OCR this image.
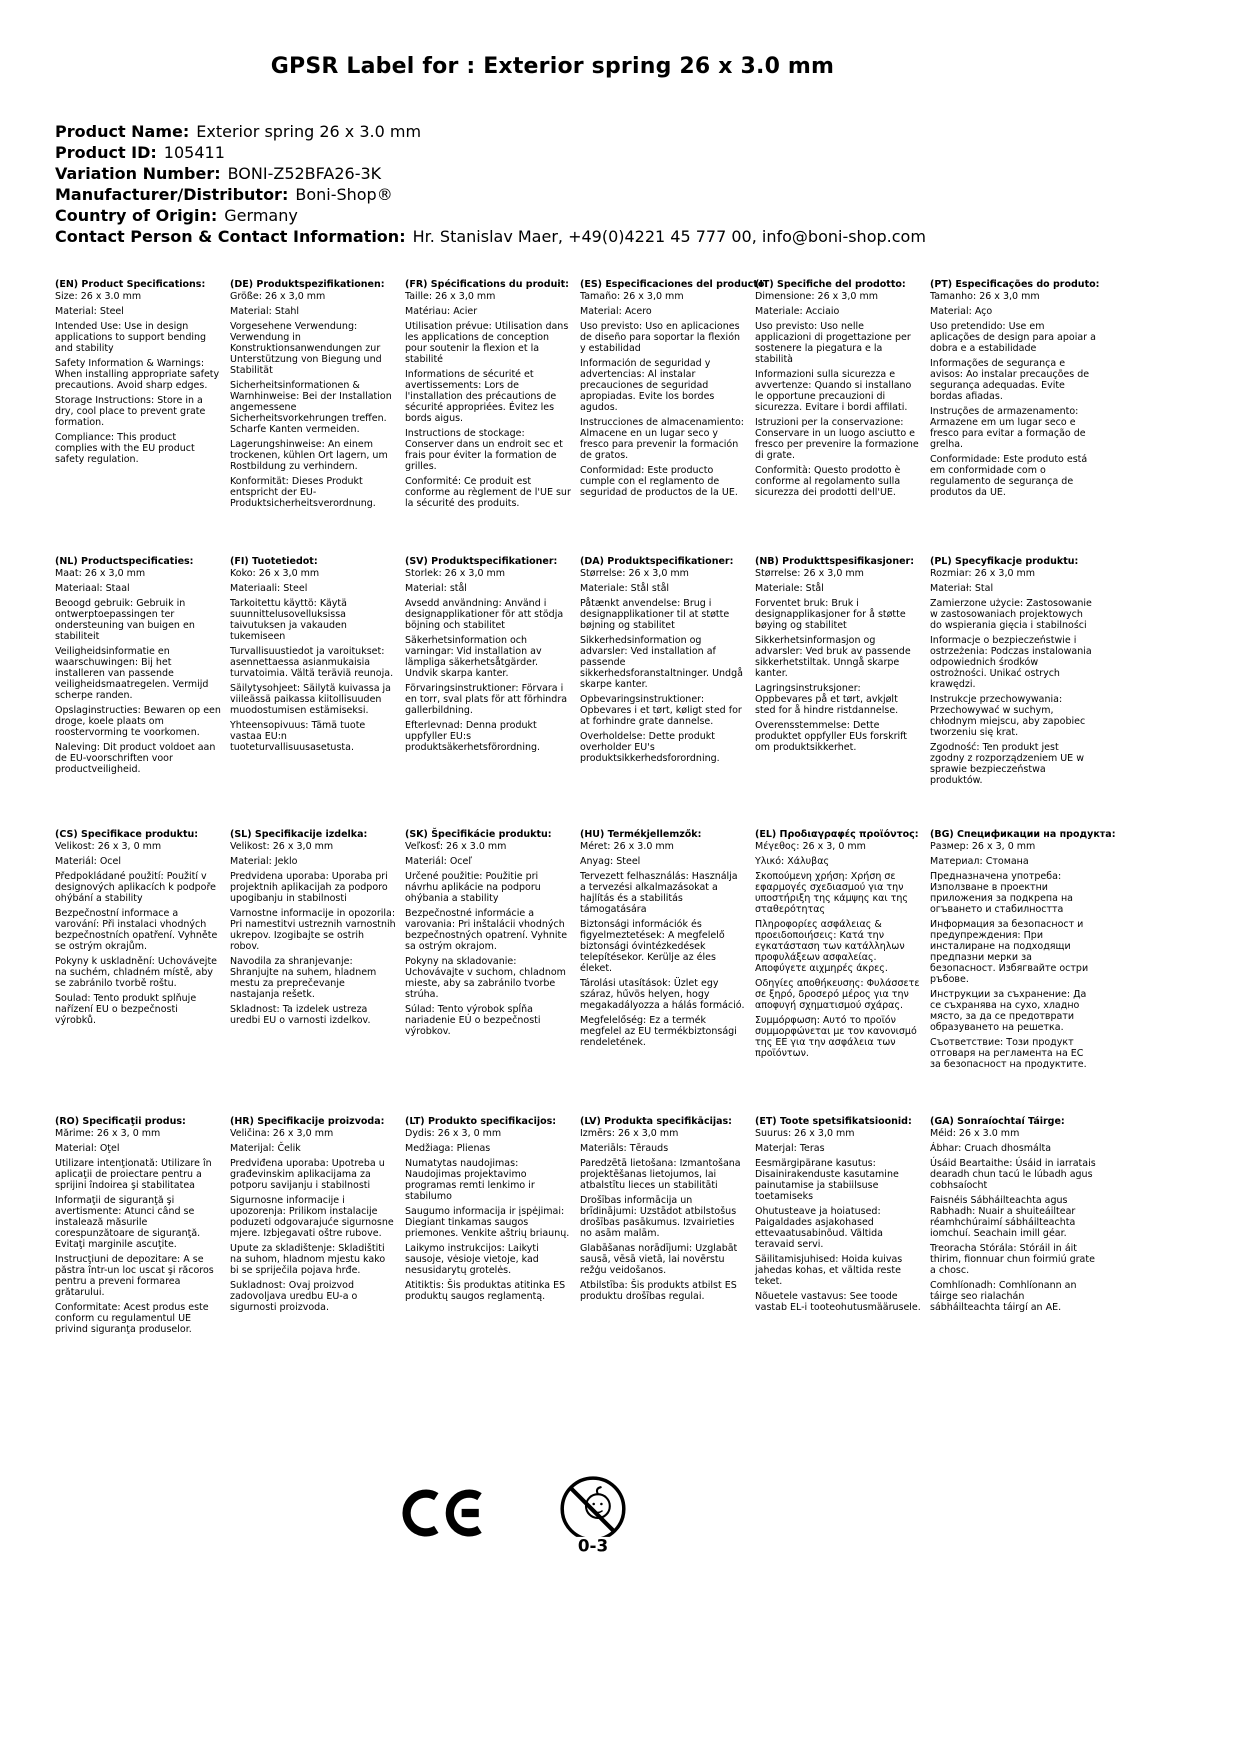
GPSR Label for : Exterior spring 26 x 3.0 mm
Product Name: Exterior spring 26 x 3.0 mm
Product ID: 105411
Variation Number: BONI-Z52BFA26-3K
Manufacturer/Distributor: Boni-Shop®
Country of Origin: Germany
Contact Person & Contact Information: Hr. Stanislav Maer, +49(0)4221 45 777 00, info@boni-shop.com
(EN) Product Specifications:

Size: 26 x 3.0 mm

Material: Steel

Intended Use: Use in design applications to support bending and stability

Safety Information & Warnings: When installing appropriate safety precautions. Avoid sharp edges.

Storage Instructions: Store in a dry, cool place to prevent grate formation.

Compliance: This product complies with the EU product safety regulation.

(DE) Produktspezifikationen:

Größe: 26 x 3,0 mm

Material: Stahl

Vorgesehene Verwendung: Verwendung in Konstruktionsanwendungen zur Unterstützung von Biegung und Stabilität

Sicherheitsinformationen & Warnhinweise: Bei der Installation angemessene Sicherheitsvorkehrungen treffen. Scharfe Kanten vermeiden.

Lagerungshinweise: An einem trockenen, kühlen Ort lagern, um Rostbildung zu verhindern.

Konformität: Dieses Produkt entspricht der EU-Produktsicherheitsverordnung.

(FR) Spécifications du produit:

Taille: 26 x 3,0 mm

Matériau: Acier

Utilisation prévue: Utilisation dans les applications de conception pour soutenir la flexion et la stabilité

Informations de sécurité et avertissements: Lors de l'installation des précautions de sécurité appropriées. Évitez les bords aigus.

Instructions de stockage: Conserver dans un endroit sec et frais pour éviter la formation de grilles.

Conformité: Ce produit est conforme au règlement de l'UE sur la sécurité des produits.

(ES) Especificaciones del producto:

Tamaño: 26 x 3,0 mm

Material: Acero

Uso previsto: Uso en aplicaciones de diseño para soportar la flexión y estabilidad

Información de seguridad y advertencias: Al instalar precauciones de seguridad apropiadas. Evite los bordes agudos.

Instrucciones de almacenamiento: Almacene en un lugar seco y fresco para prevenir la formación de gratos.

Conformidad: Este producto cumple con el reglamento de seguridad de productos de la UE.

(IT) Specifiche del prodotto:

Dimensione: 26 x 3,0 mm

Materiale: Acciaio

Uso previsto: Uso nelle applicazioni di progettazione per sostenere la piegatura e la stabilità

Informazioni sulla sicurezza e avvertenze: Quando si installano le opportune precauzioni di sicurezza. Evitare i bordi affilati.

Istruzioni per la conservazione: Conservare in un luogo asciutto e fresco per prevenire la formazione di grate.

Conformità: Questo prodotto è conforme al regolamento sulla sicurezza dei prodotti dell'UE.

(PT) Especificações do produto:

Tamanho: 26 x 3,0 mm

Material: Aço

Uso pretendido: Use em aplicações de design para apoiar a dobra e a estabilidade

Informações de segurança e avisos: Ao instalar precauções de segurança adequadas. Evite bordas afiadas.

Instruções de armazenamento: Armazene em um lugar seco e fresco para evitar a formação de grelha.

Conformidade: Este produto está em conformidade com o regulamento de segurança de produtos da UE.

(NL) Productspecificaties:

Maat: 26 x 3,0 mm

Materiaal: Staal

Beoogd gebruik: Gebruik in ontwerptoepassingen ter ondersteuning van buigen en stabiliteit

Veiligheidsinformatie en waarschuwingen: Bij het installeren van passende veiligheidsmaatregelen. Vermijd scherpe randen.

Opslaginstructies: Bewaren op een droge, koele plaats om roostervorming te voorkomen.

Naleving: Dit product voldoet aan de EU-voorschriften voor productveiligheid.

(FI) Tuotetiedot:

Koko: 26 x 3,0 mm

Materiaali: Steel

Tarkoitettu käyttö: Käytä suunnittelusovelluksissa taivutuksen ja vakauden tukemiseen

Turvallisuustiedot ja varoitukset: asennettaessa asianmukaisia turvatoimia. Vältä teräviä reunoja.

Säilytysohjeet: Säilytä kuivassa ja viileässä paikassa kiitollisuuden muodostumisen estämiseksi.

Yhteensopivuus: Tämä tuote vastaa EU:n tuoteturvallisuusasetusta.

(SV) Produktspecifikationer:

Storlek: 26 x 3,0 mm

Material: stål

Avsedd användning: Använd i designapplikationer för att stödja böjning och stabilitet

Säkerhetsinformation och varningar: Vid installation av lämpliga säkerhetsåtgärder. Undvik skarpa kanter.

Förvaringsinstruktioner: Förvara i en torr, sval plats för att förhindra gallerbildning.

Efterlevnad: Denna produkt uppfyller EU:s produktsäkerhetsförordning.

(DA) Produktspecifikationer:

Størrelse: 26 x 3,0 mm

Materiale: Stål stål

Påtænkt anvendelse: Brug i designapplikationer til at støtte bøjning og stabilitet

Sikkerhedsinformation og advarsler: Ved installation af passende sikkerhedsforanstaltninger. Undgå skarpe kanter.

Opbevaringsinstruktioner: Opbevares i et tørt, køligt sted for at forhindre grate dannelse.

Overholdelse: Dette produkt overholder EU's produktsikkerhedsforordning.

(NB) Produkttspesifikasjoner:

Størrelse: 26 x 3,0 mm

Materiale: Stål

Forventet bruk: Bruk i designapplikasjoner for å støtte bøying og stabilitet

Sikkerhetsinformasjon og advarsler: Ved bruk av passende sikkerhetstiltak. Unngå skarpe kanter.

Lagringsinstruksjoner: Oppbevares på et tørt, avkjølt sted for å hindre ristdannelse.

Overensstemmelse: Dette produktet oppfyller EUs forskrift om produktsikkerhet.

(PL) Specyfikacje produktu:

Rozmiar: 26 x 3,0 mm

Materiał: Stal

Zamierzone użycie: Zastosowanie w zastosowaniach projektowych do wspierania gięcia i stabilności

Informacje o bezpieczeństwie i ostrzeżenia: Podczas instalowania odpowiednich środków ostrożności. Unikać ostrych krawędzi.

Instrukcje przechowywania: Przechowywać w suchym, chłodnym miejscu, aby zapobiec tworzeniu się krat.

Zgodność: Ten produkt jest zgodny z rozporządzeniem UE w sprawie bezpieczeństwa produktów.

(CS) Specifikace produktu:

Velikost: 26 x 3, 0 mm

Materiál: Ocel

Předpokládané použití: Použití v designových aplikacích k podpoře ohýbání a stability

Bezpečnostní informace a varování: Při instalaci vhodných bezpečnostních opatření. Vyhněte se ostrým okrajům.

Pokyny k uskladnění: Uchovávejte na suchém, chladném místě, aby se zabránilo tvorbě roštu.

Soulad: Tento produkt splňuje nařízení EU o bezpečnosti výrobků.

(SL) Specifikacije izdelka:

Velikost: 26 x 3,0 mm

Material: Jeklo

Predvidena uporaba: Uporaba pri projektnih aplikacijah za podporo upogibanju in stabilnosti

Varnostne informacije in opozorila: Pri namestitvi ustreznih varnostnih ukrepov. Izogibajte se ostrih robov.

Navodila za shranjevanje: Shranjujte na suhem, hladnem mestu za preprečevanje nastajanja rešetk.

Skladnost: Ta izdelek ustreza uredbi EU o varnosti izdelkov.

(SK) Špecifikácie produktu:

Veľkosť: 26 x 3.0 mm

Materiál: Oceľ

Určené použitie: Použitie pri návrhu aplikácie na podporu ohýbania a stability

Bezpečnostné informácie a varovania: Pri inštalácii vhodných bezpečnostných opatrení. Vyhnite sa ostrým okrajom.

Pokyny na skladovanie: Uchovávajte v suchom, chladnom mieste, aby sa zabránilo tvorbe strúha.

Súlad: Tento výrobok spĺňa nariadenie EÚ o bezpečnosti výrobkov.

(HU) Termékjellemzők:

Méret: 26 x 3.0 mm

Anyag: Steel

Tervezett felhasználás: Használja a tervezési alkalmazásokat a hajlítás és a stabilitás támogatására

Biztonsági információk és figyelmeztetések: A megfelelő biztonsági óvintézkedések telepítésekor. Kerülje az éles éleket.

Tárolási utasítások: Üzlet egy száraz, hűvös helyen, hogy megakadályozza a hálás formáció.

Megfelelőség: Ez a termék megfelel az EU termékbiztonsági rendeletének.

(EL) Προδιαγραφές προϊόντος:

Μέγεθος: 26 x 3, 0 mm

Υλικό: Χάλυβας

Σκοπούμενη χρήση: Χρήση σε εφαρμογές σχεδιασμού για την υποστήριξη της κάμψης και της σταθερότητας

Πληροφορίες ασφάλειας & προειδοποιήσεις: Κατά την εγκατάσταση των κατάλληλων προφυλάξεων ασφαλείας. Αποφύγετε αιχμηρές άκρες.

Οδηγίες αποθήκευσης: Φυλάσσετε σε ξηρό, δροσερό μέρος για την αποφυγή σχηματισμού σχάρας.

Συμμόρφωση: Αυτό το προϊόν συμμορφώνεται με τον κανονισμό της ΕΕ για την ασφάλεια των προϊόντων.

(BG) Спецификации на продукта:

Размер: 26 x 3, 0 mm

Материал: Стомана

Предназначена употреба: Използване в проектни приложения за подкрепа на огъването и стабилността

Информация за безопасност и предупреждения: При инсталиране на подходящи предпазни мерки за безопасност. Избягвайте остри ръбове.

Инструкции за съхранение: Да се съхранява на сухо, хладно място, за да се предотврати образуването на решетка.

Съответствие: Този продукт отговаря на регламента на ЕС за безопасност на продуктите.

(RO) Specificaţii produs:

Mărime: 26 x 3, 0 mm

Material: Oţel

Utilizare intenţionată: Utilizare în aplicaţii de proiectare pentru a sprijini îndoirea şi stabilitatea

Informaţii de siguranţă şi avertismente: Atunci când se instalează măsurile corespunzătoare de siguranţă. Evitaţi marginile ascuţite.

Instrucţiuni de depozitare: A se păstra într-un loc uscat şi răcoros pentru a preveni formarea grătarului.

Conformitate: Acest produs este conform cu regulamentul UE privind siguranţa produselor.

(HR) Specifikacije proizvoda:

Veličina: 26 x 3,0 mm

Materijal: Čelik

Predviđena uporaba: Upotreba u građevinskim aplikacijama za potporu savijanju i stabilnosti

Sigurnosne informacije i upozorenja: Prilikom instalacije poduzeti odgovarajuće sigurnosne mjere. Izbjegavati oštre rubove.

Upute za skladištenje: Skladištiti na suhom, hladnom mjestu kako bi se spriječila pojava hrđe.

Sukladnost: Ovaj proizvod zadovoljava uredbu EU-a o sigurnosti proizvoda.

(LT) Produkto specifikacijos:

Dydis: 26 x 3, 0 mm

Medžiaga: Plienas

Numatytas naudojimas: Naudojimas projektavimo programas remti lenkimo ir stabilumo

Saugumo informacija ir įspėjimai: Diegiant tinkamas saugos priemones. Venkite aštrių briaunų.

Laikymo instrukcijos: Laikyti sausoje, vėsioje vietoje, kad nesusidarytų grotelės.

Atitiktis: Šis produktas atitinka ES produktų saugos reglamentą.

(LV) Produkta specifikācijas:

Izmērs: 26 x 3,0 mm

Materiāls: Tērauds

Paredzētā lietošana: Izmantošana projektēšanas lietojumos, lai atbalstītu lieces un stabilitāti

Drošības informācija un brīdinājumi: Uzstādot atbilstošus drošības pasākumus. Izvairieties no asām malām.

Glabāšanas norādījumi: Uzglabāt sausā, vēsā vietā, lai novērstu režģu veidošanos.

Atbilstība: Šis produkts atbilst ES produktu drošības regulai.

(ET) Toote spetsifikatsioonid:

Suurus: 26 x 3,0 mm

Materjal: Teras

Eesmärgipärane kasutus: Disainirakenduste kasutamine painutamise ja stabiilsuse toetamiseks

Ohutusteave ja hoiatused: Paigaldades asjakohased ettevaatusabinõud. Vältida teravaid servi.

Säilitamisjuhised: Hoida kuivas jahedas kohas, et vältida reste teket.

Nõuetele vastavus: See toode vastab EL-i tooteohutusmäärusele.

(GA) Sonraíochtaí Táirge:

Méid: 26 x 3.0 mm

Ábhar: Cruach dhosmálta

Úsáid Beartaithe: Úsáid in iarratais dearadh chun tacú le lúbadh agus cobhsaíocht

Faisnéis Sábháilteachta agus Rabhadh: Nuair a shuiteáiltear réamhchúraimí sábháilteachta iomchuí. Seachain imill géar.

Treoracha Stórála: Stóráil in áit thirim, fionnuar chun foirmiú grate a chosc.

Comhlíonadh: Comhlíonann an táirge seo rialachán sábháilteachta táirgí an AE.

0-3
